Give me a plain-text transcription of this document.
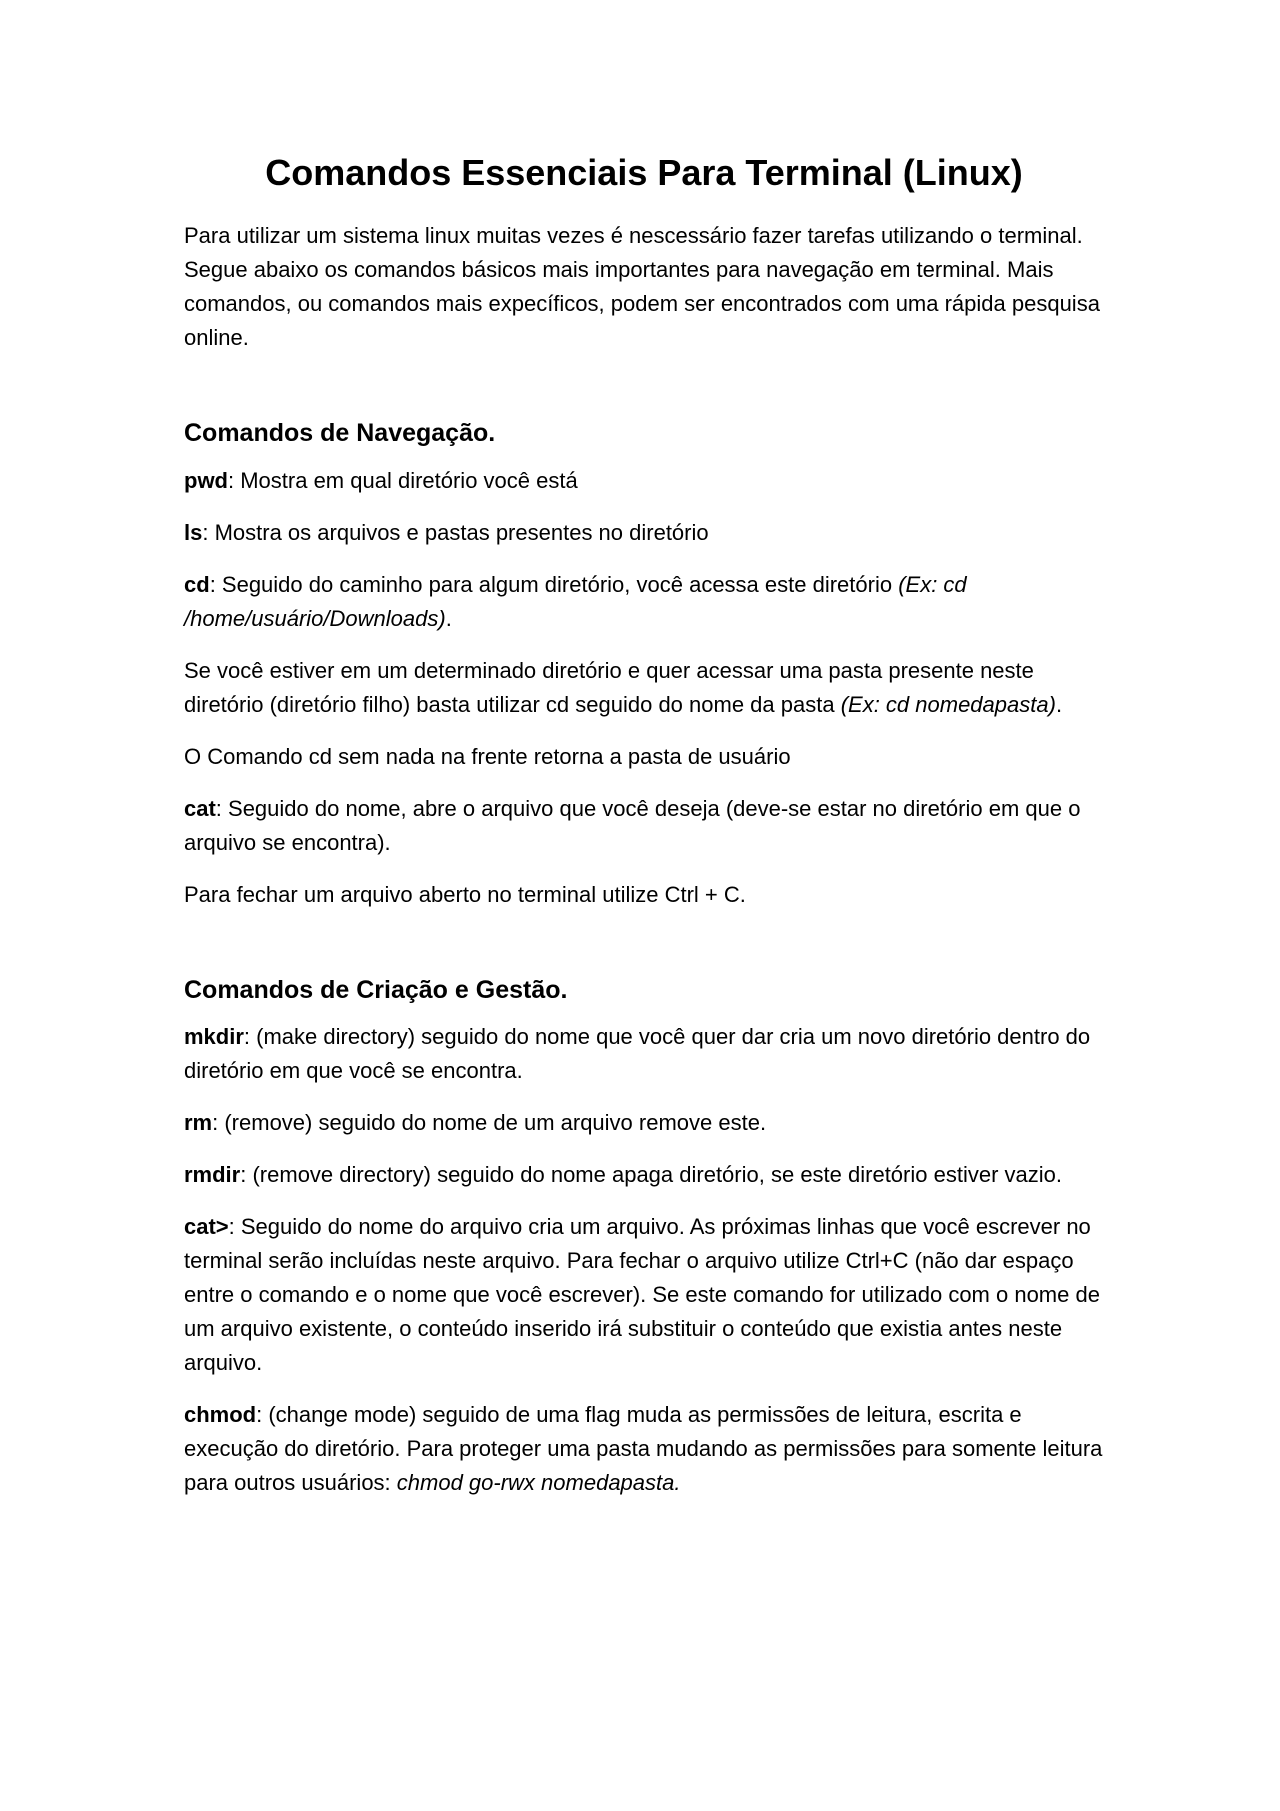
Comandos Essenciais Para Terminal (Linux)

Para utilizar um sistema linux muitas vezes é nescessário fazer tarefas utilizando o terminal. Segue abaixo os comandos básicos mais importantes para navegação em terminal. Mais comandos, ou comandos mais expecíficos, podem ser encontrados com uma rápida pesquisa online.

Comandos de Navegação.

pwd: Mostra em qual diretório você está

ls: Mostra os arquivos e pastas presentes no diretório

cd: Seguido do caminho para algum diretório, você acessa este diretório (Ex: cd /home/usuário/Downloads).

Se você estiver em um determinado diretório e quer acessar uma pasta presente neste diretório (diretório filho) basta utilizar cd seguido do nome da pasta (Ex: cd nomedapasta).

O Comando cd sem nada na frente retorna a pasta de usuário

cat: Seguido do nome, abre o arquivo que você deseja (deve-se estar no diretório em que o arquivo se encontra).

Para fechar um arquivo aberto no terminal utilize Ctrl + C.

Comandos de Criação e Gestão.

mkdir: (make directory) seguido do nome que você quer dar cria um novo diretório dentro do diretório em que você se encontra.

rm: (remove) seguido do nome de um arquivo remove este.

rmdir: (remove directory) seguido do nome apaga diretório, se este diretório estiver vazio.

cat>: Seguido do nome do arquivo cria um arquivo. As próximas linhas que você escrever no terminal serão incluídas neste arquivo. Para fechar o arquivo utilize Ctrl+C (não dar espaço entre o comando e o nome que você escrever). Se este comando for utilizado com o nome de um arquivo existente, o conteúdo inserido irá substituir o conteúdo que existia antes neste arquivo.

chmod: (change mode) seguido de uma flag muda as permissões de leitura, escrita e execução do diretório. Para proteger uma pasta mudando as permissões para somente leitura para outros usuários: chmod go-rwx nomedapasta.
